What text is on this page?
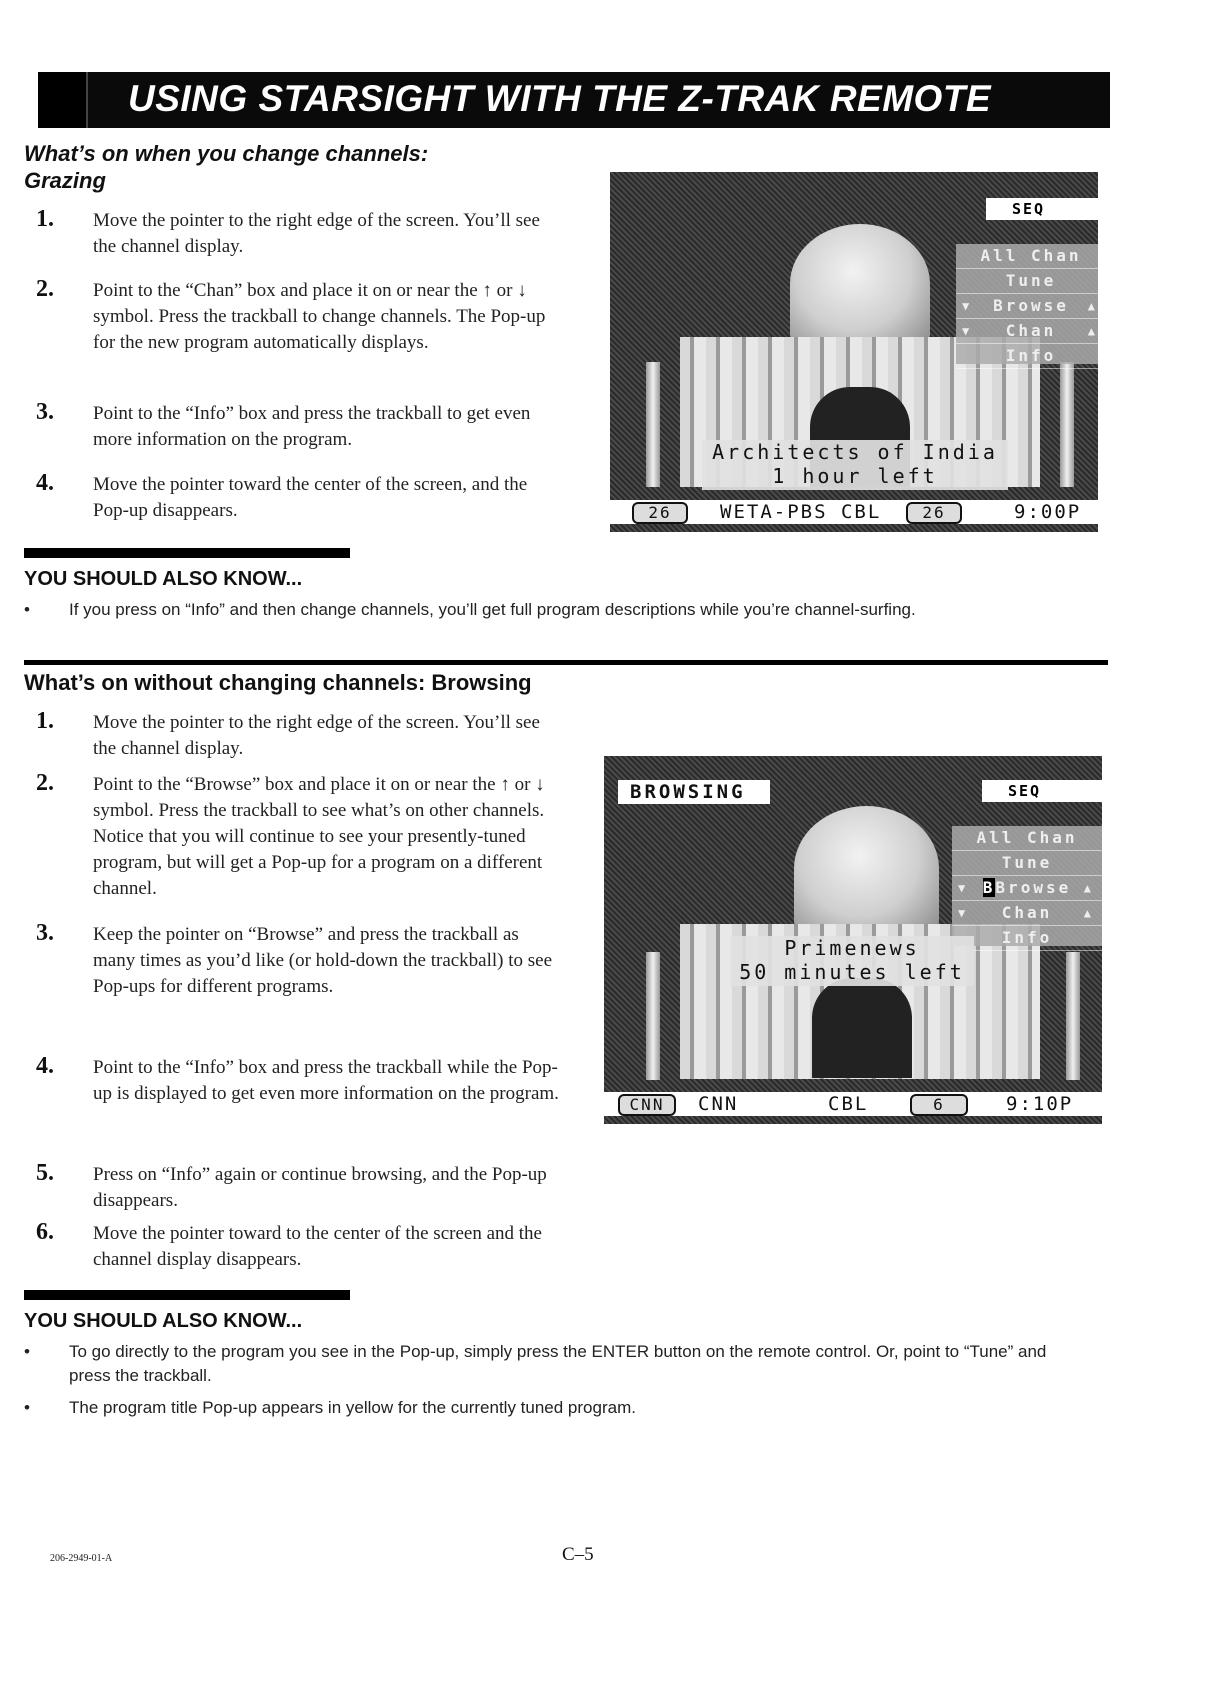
USING STARSIGHT WITH THE Z-TRAK REMOTE
What’s on when you change channels:
Grazing
1. Move the pointer to the right edge of the screen. You’ll see the channel display.
2. Point to the “Chan” box and place it on or near the ↑ or ↓ symbol. Press the trackball to change channels. The Pop-up for the new program automatically displays.
3. Point to the “Info” box and press the trackball to get even more information on the program.
4. Move the pointer toward the center of the screen, and the Pop-up disappears.
SEQ
All Chan
Tune
▼ Browse ▲
▼ Chan	▲
Info
Architects of India
1 hour left
26	WETA-PBS CBL	26	9:00P
YOU SHOULD ALSO KNOW...
• If you press on “Info” and then change channels, you’ll get full program descriptions while you’re channel-surfing.
What’s on without changing channels: Browsing
1. Move the pointer to the right edge of the screen. You’ll see the channel display.
2. Point to the “Browse” box and place it on or near the ↑ or ↓ symbol. Press the trackball to see what’s on other channels. Notice that you will continue to see your presently-tuned program, but will get a Pop-up for a program on a different channel.
3. Keep the pointer on “Browse” and press the trackball as many times as you’d like (or hold-down the trackball) to see Pop-ups for different programs.
4. Point to the “Info” box and press the trackball while the Pop-up is displayed to get even more information on the program.
5. Press on “Info” again or continue browsing, and the Pop-up disappears.
6. Move the pointer toward to the center of the screen and the channel display disappears.
BROWSING	SEQ
All Chan
Tune
▼ BBrowse ▲
▼ Chan	▲
Info
Primenews
50 minutes left
CNN	CNN	CBL	6	9:10P
YOU SHOULD ALSO KNOW...
• To go directly to the program you see in the Pop-up, simply press the ENTER button on the remote control. Or, point to “Tune” and press the trackball.
• The program title Pop-up appears in yellow for the currently tuned program.
206-2949-01-A	C–5
